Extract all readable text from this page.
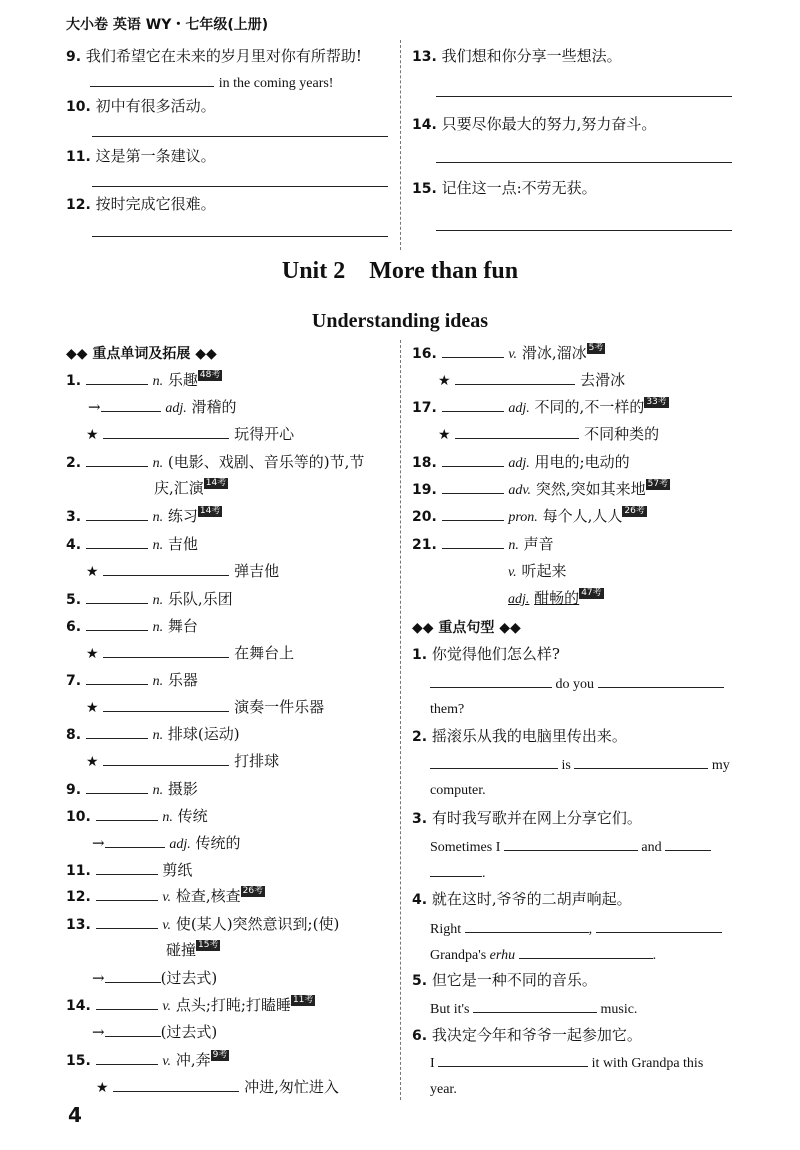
大小卷 英语 WY・七年级(上册)
9. 我们希望它在未来的岁月里对你有所帮助!
in the coming years!
10. 初中有很多活动。
11. 这是第一条建议。
12. 按时完成它很难。
13. 我们想和你分享一些想法。
14. 只要尽你最大的努力,努力奋斗。
15. 记住这一点:不劳无获。
Unit 2    More than fun
Understanding ideas
◆◆ 重点单词及拓展 ◆◆
1.	n. 乐趣 48考
→	adj. 滑稽的
★	玩得开心
2.	n. (电影、戏剧、音乐等的)节,节
庆,汇演 14考
3.	n. 练习 14考
4.	n. 吉他
★	弹吉他
5.	n. 乐队,乐团
6.	n. 舞台
★	在舞台上
7.	n. 乐器
★	演奏一件乐器
8.	n. 排球(运动)
★	打排球
9.	n. 摄影
10.	n. 传统
→	adj. 传统的
11.	剪纸
12.	v. 检查,核查 26考
13.	v. 使(某人)突然意识到;(使)
碰撞 15考
→	(过去式)
14.	v. 点头;打盹;打瞌睡 11考
→	(过去式)
15.	v. 冲,奔 9考
★	冲进,匆忙进入
16.	v. 滑冰,溜冰 5考
★	去滑冰
17.	adj. 不同的,不一样的 33考
★	不同种类的
18.	adj. 用电的;电动的
19.	adv. 突然,突如其来地 57考
20.	pron. 每个人,人人 26考
21.	n. 声音
v. 听起来
adj. 酣畅的 47考
◆◆ 重点句型 ◆◆
1. 你觉得他们怎么样?
do you
them?
2. 摇滚乐从我的电脑里传出来。
is	my
computer.
3. 有时我写歌并在网上分享它们。
Sometimes I	and
.
4. 就在这时,爷爷的二胡声响起。
Right	,
Grandpa's erhu	.
5. 但它是一种不同的音乐。
But it's	music.
6. 我决定今年和爷爷一起参加它。
I	it with Grandpa this
year.
4
